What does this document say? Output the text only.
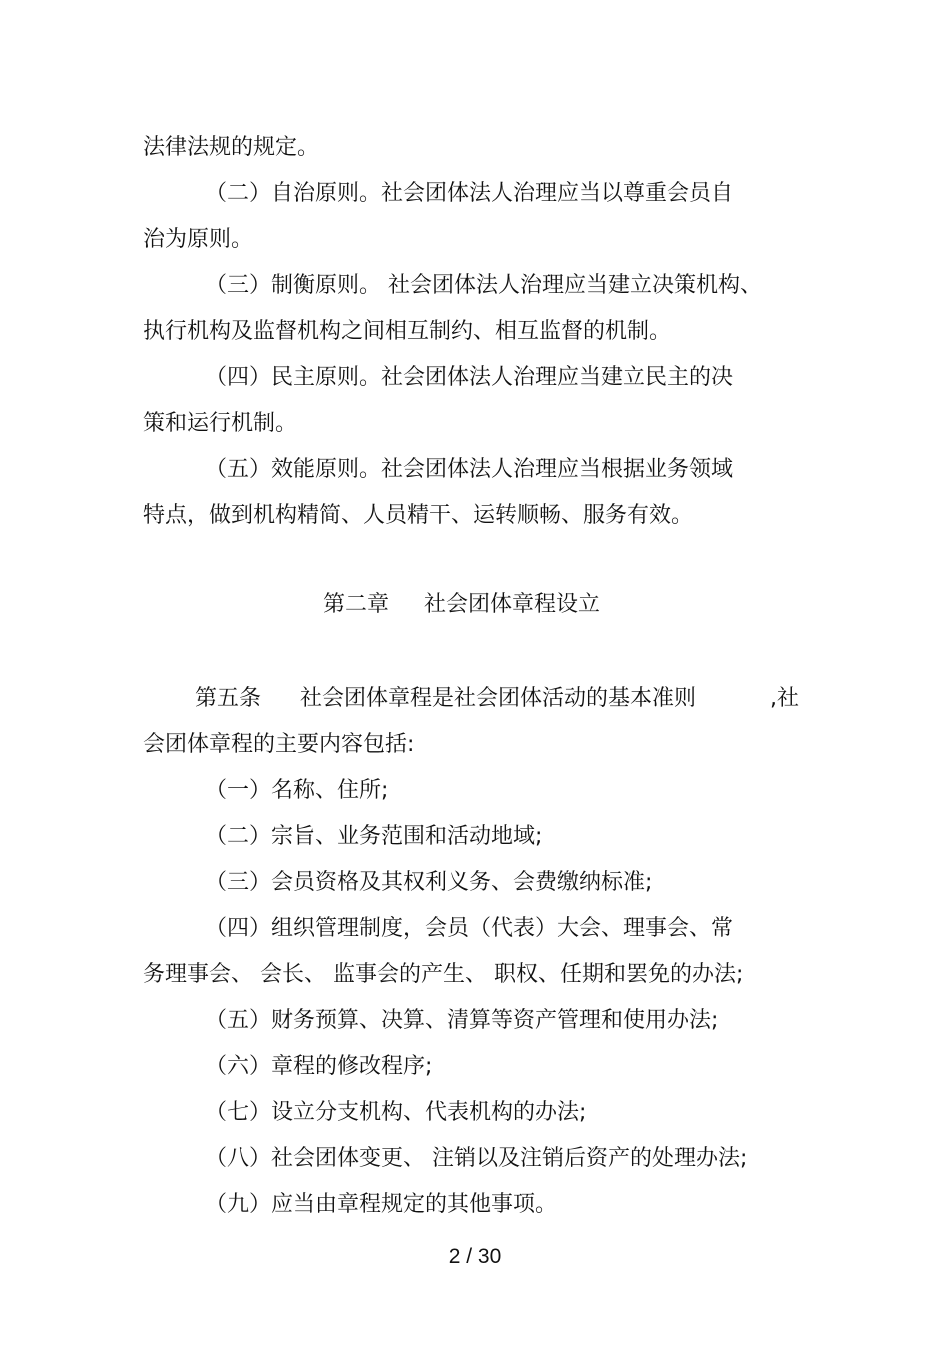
法律法规的规定。
（二）自治原则。社会团体法人治理应当以尊重会员自
治为原则。
（三）制衡原则。 社会团体法人治理应当建立决策机构、
执行机构及监督机构之间相互制约、相互监督的机制。
（四）民主原则。社会团体法人治理应当建立民主的决
策和运行机制。
（五）效能原则。社会团体法人治理应当根据业务领域
特点，做到机构精简、人员精干、运转顺畅、服务有效。
第二章 社会团体章程设立
第五条 社会团体章程是社会团体活动的基本准则	,社
会团体章程的主要内容包括:
（一）名称、住所;
（二）宗旨、业务范围和活动地域;
（三）会员资格及其权利义务、会费缴纳标准;
（四）组织管理制度，会员（代表）大会、理事会、常
务理事会、 会长、 监事会的产生、 职权、任期和罢免的办法;
（五）财务预算、决算、清算等资产管理和使用办法;
（六）章程的修改程序;
（七）设立分支机构、代表机构的办法;
（八）社会团体变更、 注销以及注销后资产的处理办法;
（九）应当由章程规定的其他事项。
2 / 30
